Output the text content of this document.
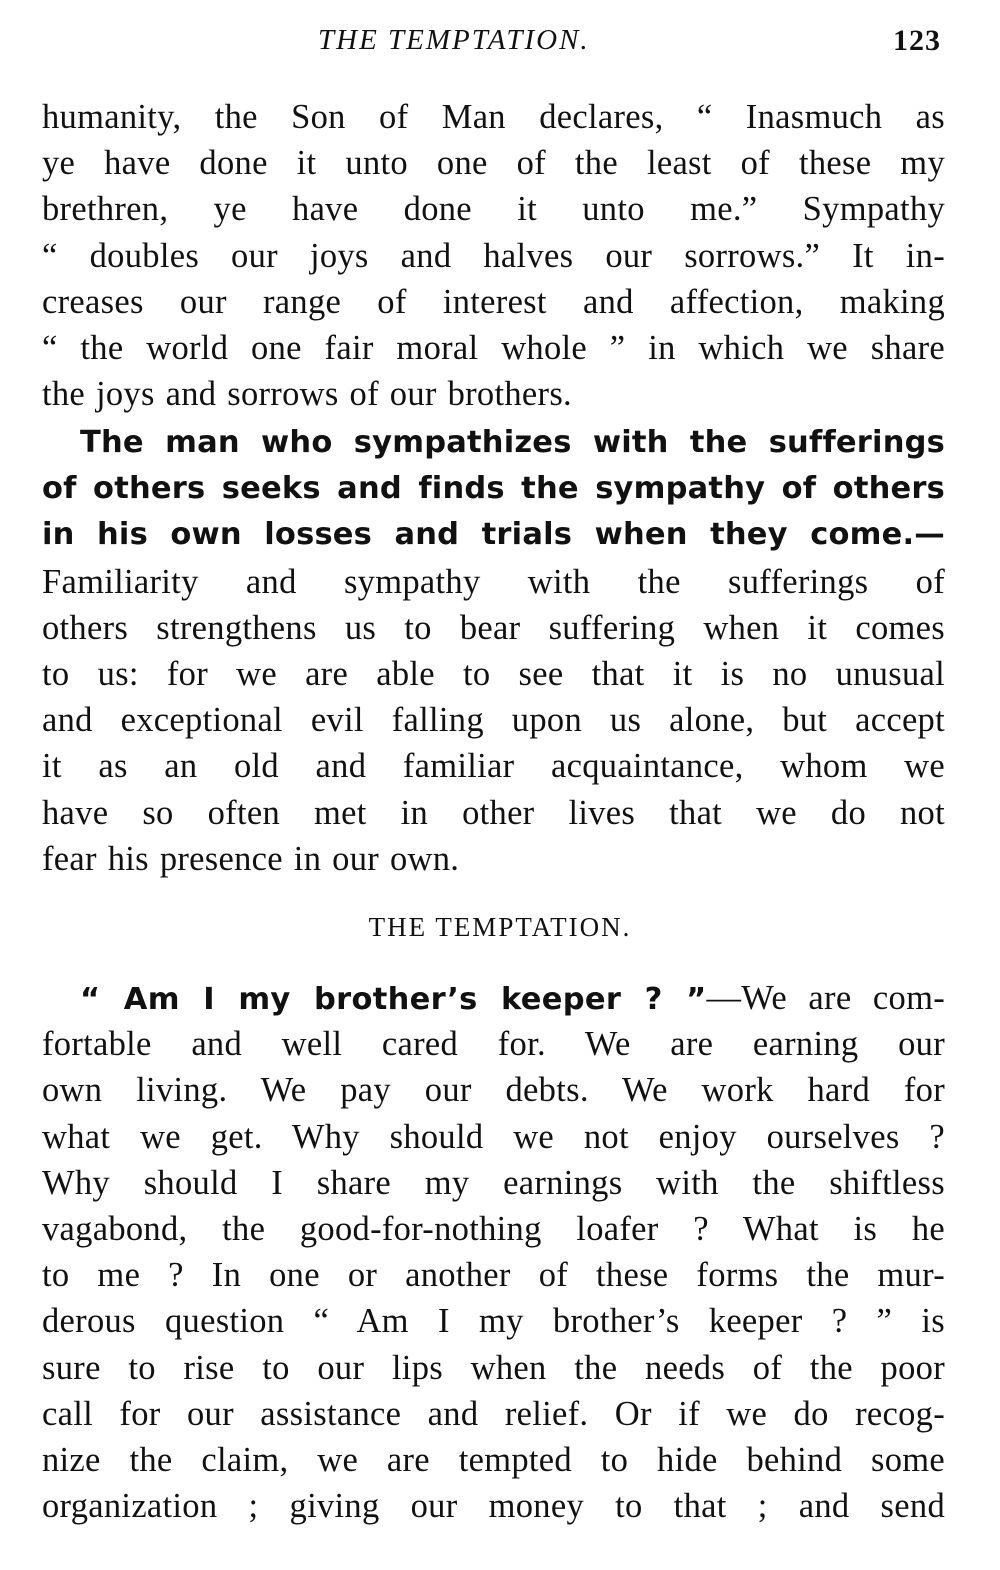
THE TEMPTATION.	123
humanity, the Son of Man declares, “ Inasmuch as
ye have done it unto one of the least of these my
brethren, ye have done it unto me.” Sympathy
“ doubles our joys and halves our sorrows.” It in-
creases our range of interest and affection, making
“ the world one fair moral whole ” in which we share
the joys and sorrows of our brothers.
The man who sympathizes with the sufferings
of others seeks and finds the sympathy of others
in his own losses and trials when they come.—
Familiarity and sympathy with the sufferings of
others strengthens us to bear suffering when it comes
to us: for we are able to see that it is no unusual
and exceptional evil falling upon us alone, but accept
it as an old and familiar acquaintance, whom we
have so often met in other lives that we do not
fear his presence in our own.
THE TEMPTATION.
“ Am I my brother’s keeper ? ”—We are com-
fortable and well cared for. We are earning our
own living. We pay our debts. We work hard for
what we get. Why should we not enjoy ourselves ?
Why should I share my earnings with the shiftless
vagabond, the good-for-nothing loafer ? What is he
to me ? In one or another of these forms the mur-
derous question “ Am I my brother’s keeper ? ” is
sure to rise to our lips when the needs of the poor
call for our assistance and relief. Or if we do recog-
nize the claim, we are tempted to hide behind some
organization ; giving our money to that ; and send
